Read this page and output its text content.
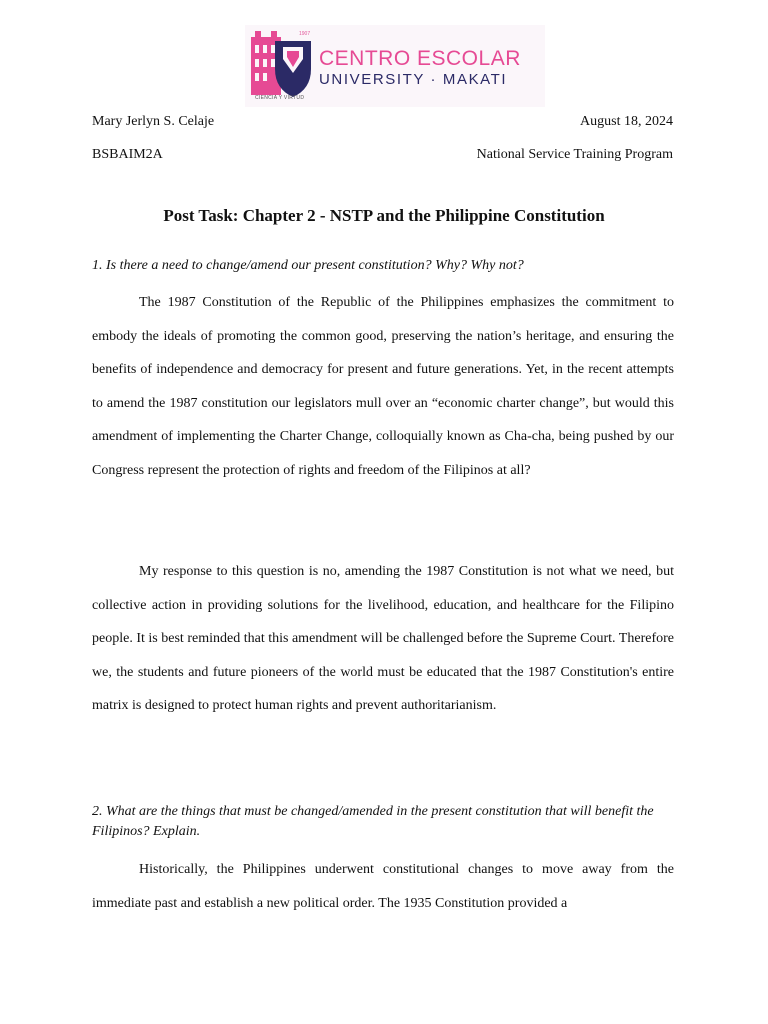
1907
CENTRO ESCOLAR
UNIVERSITY · MAKATI
CIENCIA Y VIRTUD
Mary Jerlyn S. Celaje	August 18, 2024
BSBAIM2A	National Service Training Program
Post Task: Chapter 2 - NSTP and the Philippine Constitution
1. Is there a need to change/amend our present constitution? Why? Why not?

The 1987 Constitution of the Republic of the Philippines emphasizes the commitment to embody the ideals of promoting the common good, preserving the nation’s heritage, and ensuring the benefits of independence and democracy for present and future generations. Yet, in the recent attempts to amend the 1987 constitution our legislators mull over an “economic charter change”, but would this amendment of implementing the Charter Change, colloquially known as Cha-cha, being pushed by our Congress represent the protection of rights and freedom of the Filipinos at all?

My response to this question is no, amending the 1987 Constitution is not what we need, but collective action in providing solutions for the livelihood, education, and healthcare for the Filipino people. It is best reminded that this amendment will be challenged before the Supreme Court. Therefore we, the students and future pioneers of the world must be educated that the 1987 Constitution's entire matrix is designed to protect human rights and prevent authoritarianism.

2. What are the things that must be changed/amended in the present constitution that will benefit the Filipinos? Explain.

Historically, the Philippines underwent constitutional changes to move away from the immediate past and establish a new political order. The 1935 Constitution provided a
